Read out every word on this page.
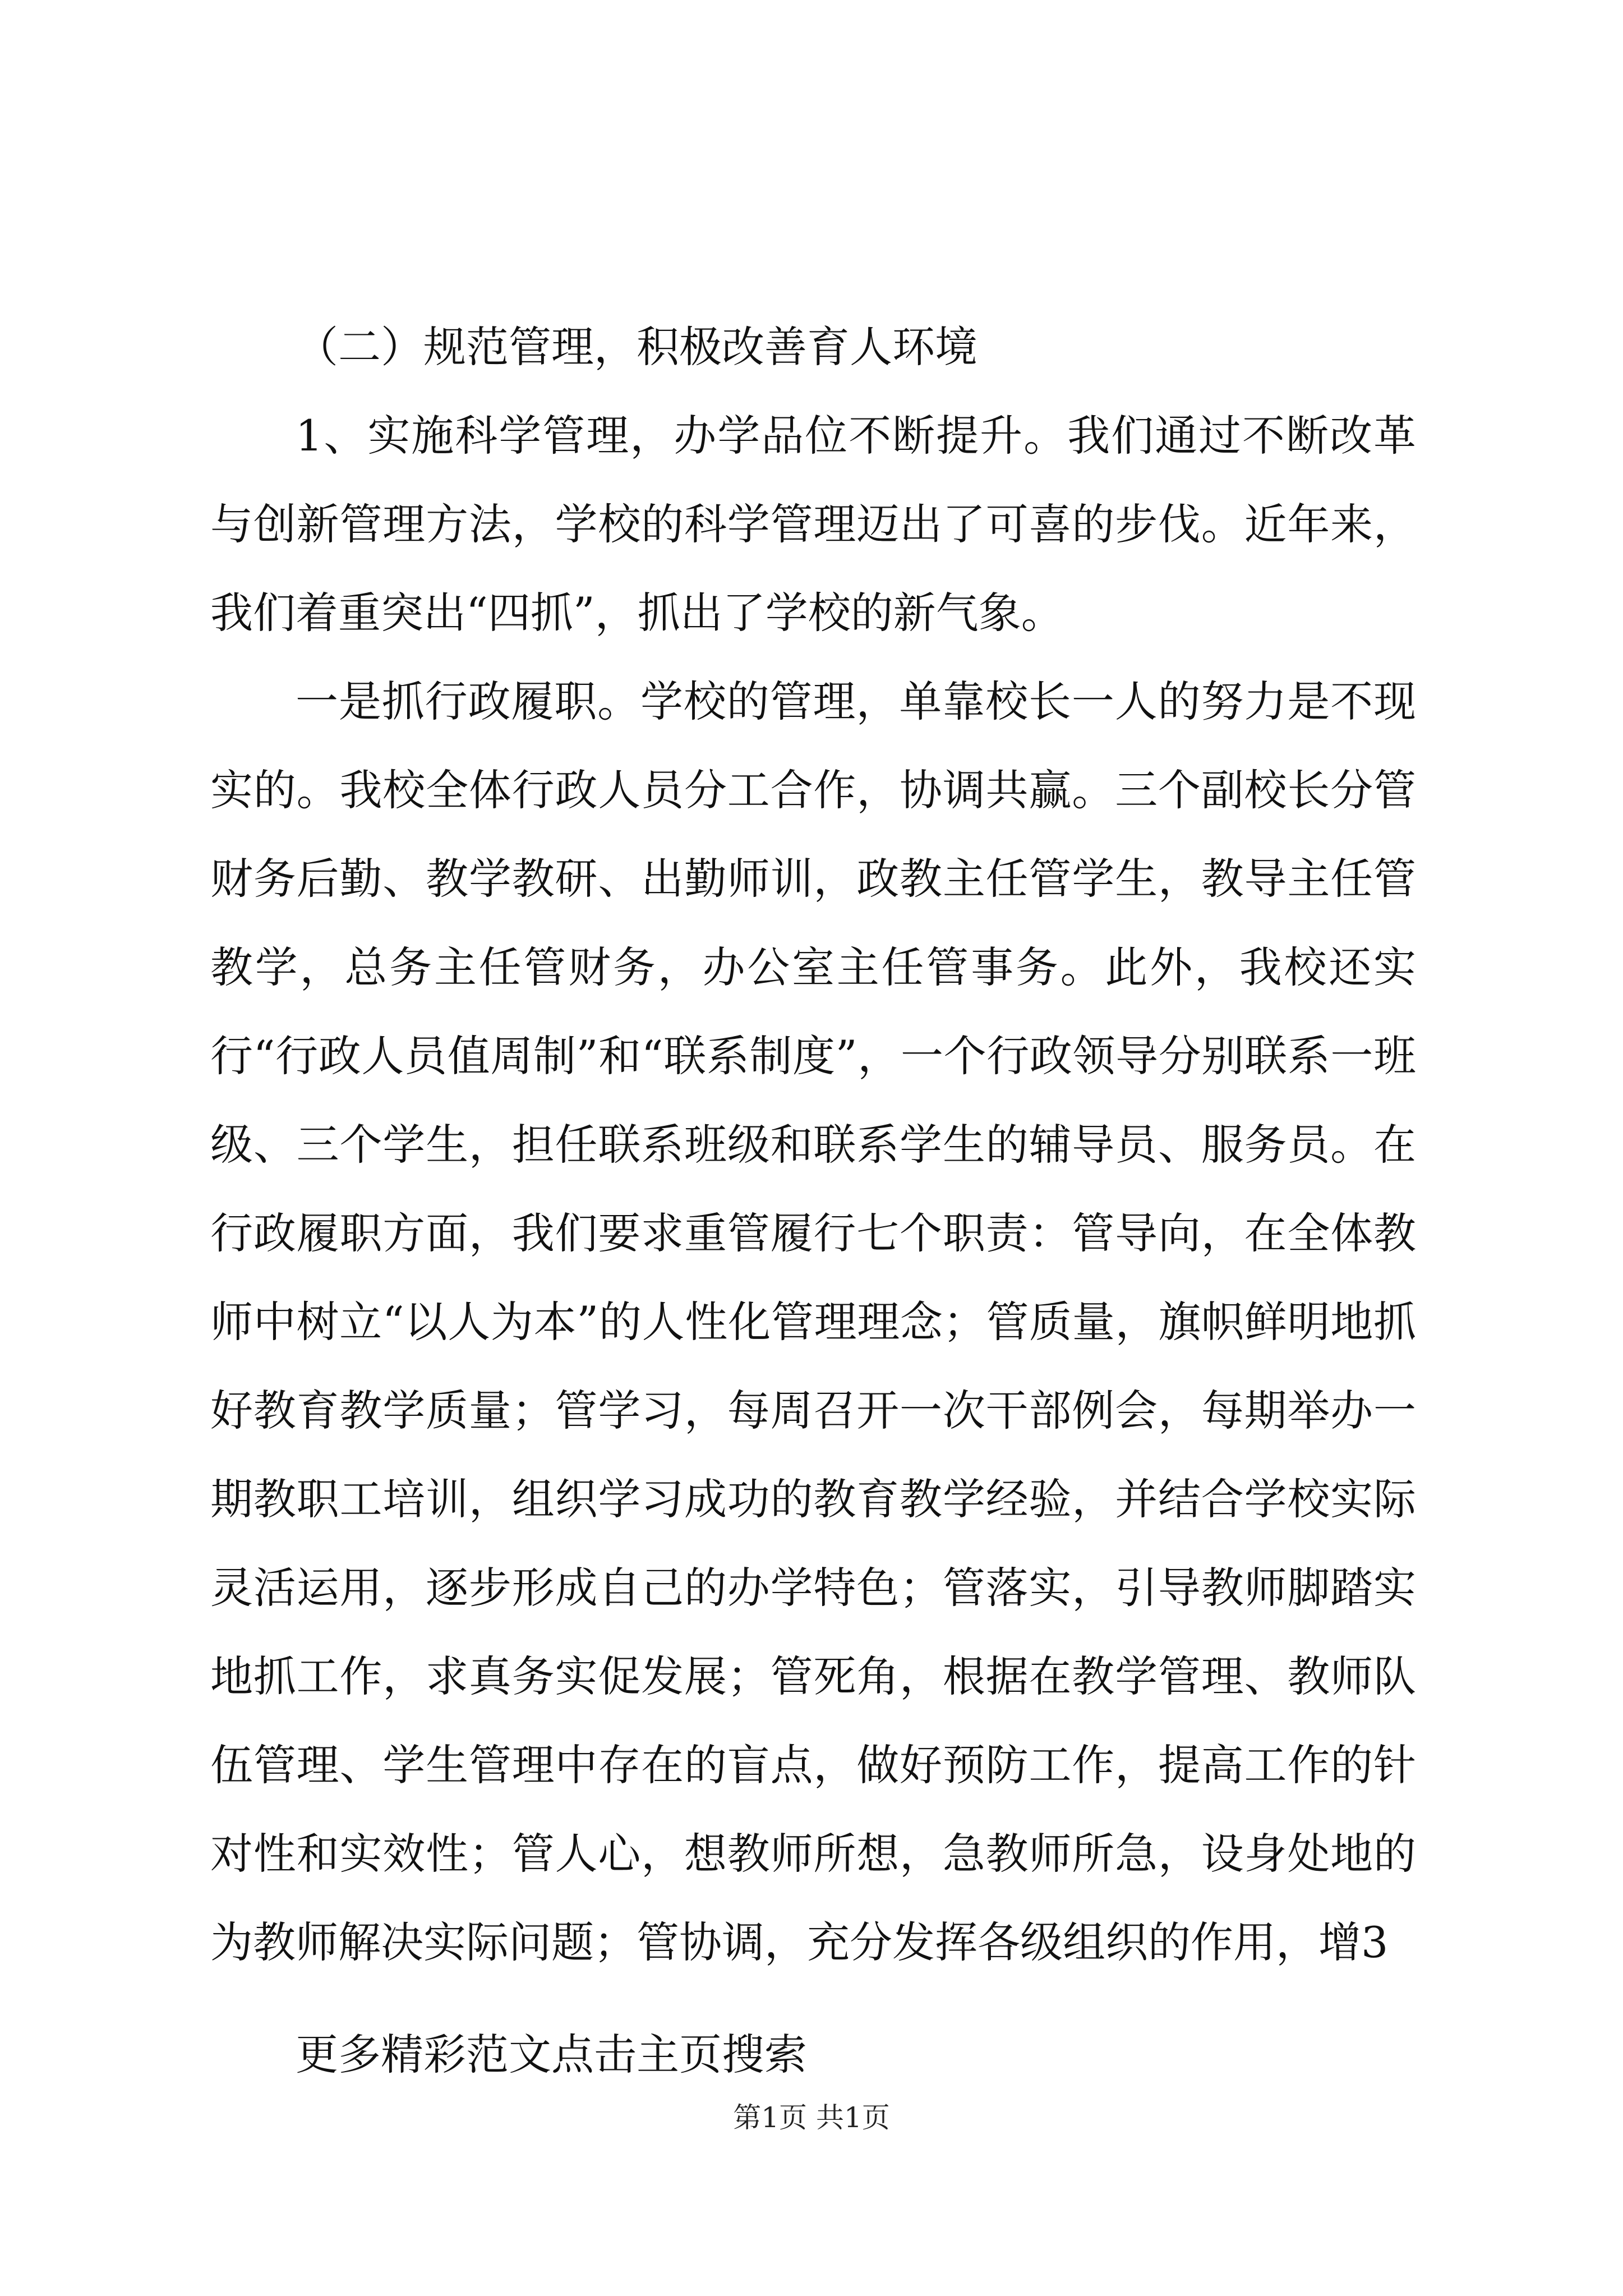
（二）规范管理，积极改善育人环境

1、实施科学管理，办学品位不断提升。我们通过不断改革与创新管理方法，学校的科学管理迈出了可喜的步伐。近年来，我们着重突出“四抓”，抓出了学校的新气象。

一是抓行政履职。学校的管理，单靠校长一人的努力是不现实的。我校全体行政人员分工合作，协调共赢。三个副校长分管财务后勤、教学教研、出勤师训，政教主任管学生，教导主任管教学，总务主任管财务，办公室主任管事务。此外，我校还实行“行政人员值周制”和“联系制度”，一个行政领导分别联系一班级、三个学生，担任联系班级和联系学生的辅导员、服务员。在行政履职方面，我们要求重管履行七个职责：管导向，在全体教师中树立“以人为本”的人性化管理理念；管质量，旗帜鲜明地抓好教育教学质量；管学习，每周召开一次干部例会，每期举办一期教职工培训，组织学习成功的教育教学经验，并结合学校实际灵活运用，逐步形成自己的办学特色；管落实，引导教师脚踏实地抓工作，求真务实促发展；管死角，根据在教学管理、教师队伍管理、学生管理中存在的盲点，做好预防工作，提高工作的针对性和实效性；管人心，想教师所想，急教师所急，设身处地的为教师解决实际问题；管协调，充分发挥各级组织的作用，增3

更多精彩范文点击主页搜索

第1页 共1页
